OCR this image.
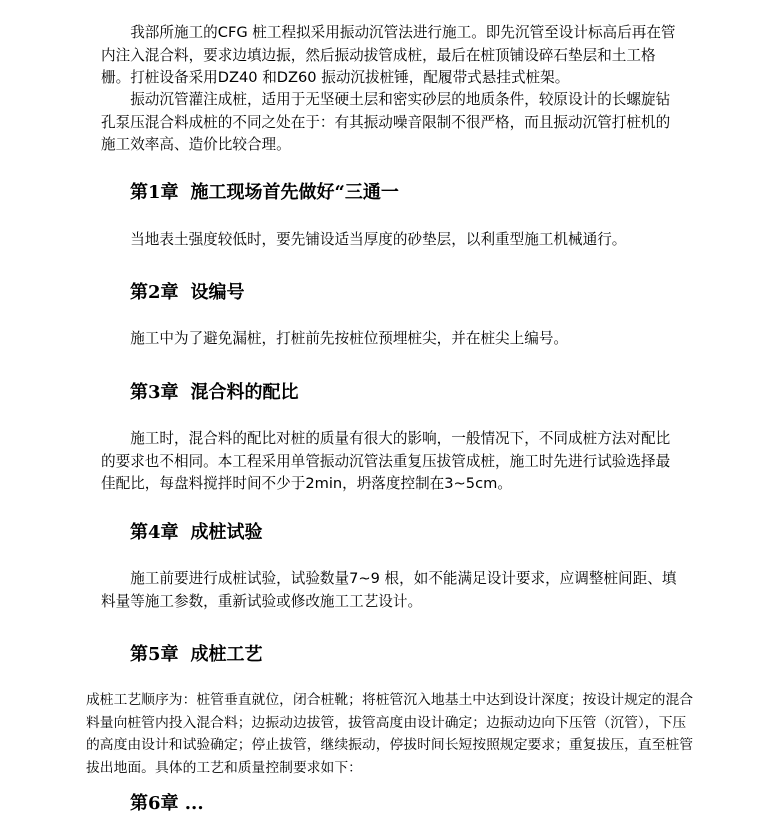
我部所施工的CFG 桩工程拟采用振动沉管法进行施工。即先沉管至设计标高后再在管内注入混合料，要求边填边振，然后振动拔管成桩，最后在桩顶铺设碎石垫层和土工格栅。打桩设备采用DZ40 和DZ60 振动沉拔桩锤，配履带式悬挂式桩架。

振动沉管灌注成桩，适用于无坚硬土层和密实砂层的地质条件，较原设计的长螺旋钻孔泵压混合料成桩的不同之处在于：有其振动噪音限制不很严格，而且振动沉管打桩机的施工效率高、造价比较合理。

第1章 施工现场首先做好“三通一

当地表土强度较低时，要先铺设适当厚度的砂垫层，以利重型施工机械通行。

第2章 设编号

施工中为了避免漏桩，打桩前先按桩位预埋桩尖，并在桩尖上编号。

第3章 混合料的配比

施工时，混合料的配比对桩的质量有很大的影响，一般情况下，不同成桩方法对配比的要求也不相同。本工程采用单管振动沉管法重复压拔管成桩，施工时先进行试验选择最佳配比，每盘料搅拌时间不少于2min，坍落度控制在3~5cm。

第4章 成桩试验

施工前要进行成桩试验，试验数量7~9 根，如不能满足设计要求，应调整桩间距、填料量等施工参数，重新试验或修改施工工艺设计。

第5章 成桩工艺

成桩工艺顺序为：桩管垂直就位，闭合桩靴；将桩管沉入地基土中达到设计深度；按设计规定的混合料量向桩管内投入混合料；边振动边拔管，拔管高度由设计确定；边振动边向下压管（沉管），下压的高度由设计和试验确定；停止拔管，继续振动，停拔时间长短按照规定要求；重复拔压，直至桩管拔出地面。具体的工艺和质量控制要求如下：

第6章 ...
